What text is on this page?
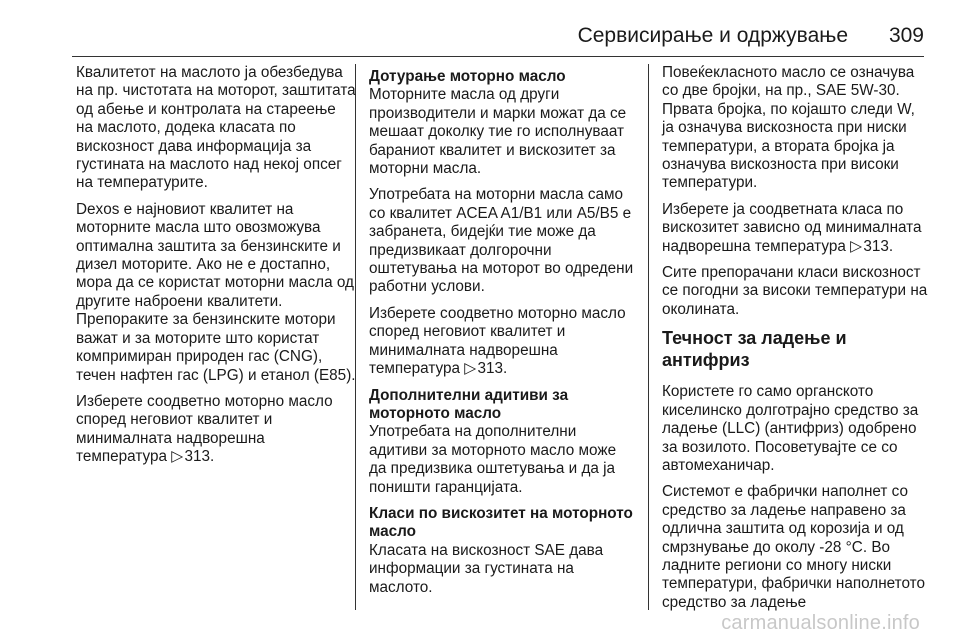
Сервисирање и одржување 309

Квалитетот на маслото ја обезбедува на пр. чистотата на моторот, заштитата од абење и контролата на стареење на маслото, додека класата по вискозност дава информација за густината на маслото над некој опсег на температурите.

Dexos е најновиот квалитет на моторните масла што овозможува оптимална заштита за бензинските и дизел моторите. Ако не е достапно, мора да се користат моторни масла од другите наброени квалитети. Препораките за бензинските мотори важат и за моторите што користат компримиран природен гас (CNG), течен нафтен гас (LPG) и етанол (E85).

Изберете соодветно моторно масло според неговиот квалитет и минималната надворешна температура ▷ 313.

Дотурање моторно масло

Моторните масла од други производители и марки можат да се мешаат доколку тие го исполнуваат бараниот квалитет и вискозитет за моторни масла.

Употребата на моторни масла само со квалитет ACEA A1/B1 или A5/B5 е забранета, бидејќи тие може да предизвикаат долгорочни оштетувања на моторот во одредени работни услови.

Изберете соодветно моторно масло според неговиот квалитет и минималната надворешна температура ▷ 313.

Дополнителни адитиви за моторното масло

Употребата на дополнителни адитиви за моторното масло може да предизвика оштетувања и да ја поништи гаранцијата.

Класи по вискозитет на моторното масло

Класата на вискозност SAE дава информации за густината на маслото.

Повеќекласното масло се означува со две бројки, на пр., SAE 5W-30. Првата бројка, по којашто следи W, ја означува вискозноста при ниски температури, а втората бројка ја означува вискозноста при високи температури.

Изберете ја соодветната класа по вискозитет зависно од минималната надворешна температура ▷ 313.

Сите препорачани класи вискозност се погодни за високи температури на околината.

Течност за ладење и антифриз

Користете го само органското киселинско долготрајно средство за ладење (LLC) (антифриз) одобрено за возилото. Посоветувајте се со автомеханичар.

Системот е фабрички наполнет со средство за ладење направено за одлична заштита од корозија и од смрзнување до околу -28 °C. Во ладните региони со многу ниски температури, фабрички наполнетото средство за ладење

carmanualsonline.info
